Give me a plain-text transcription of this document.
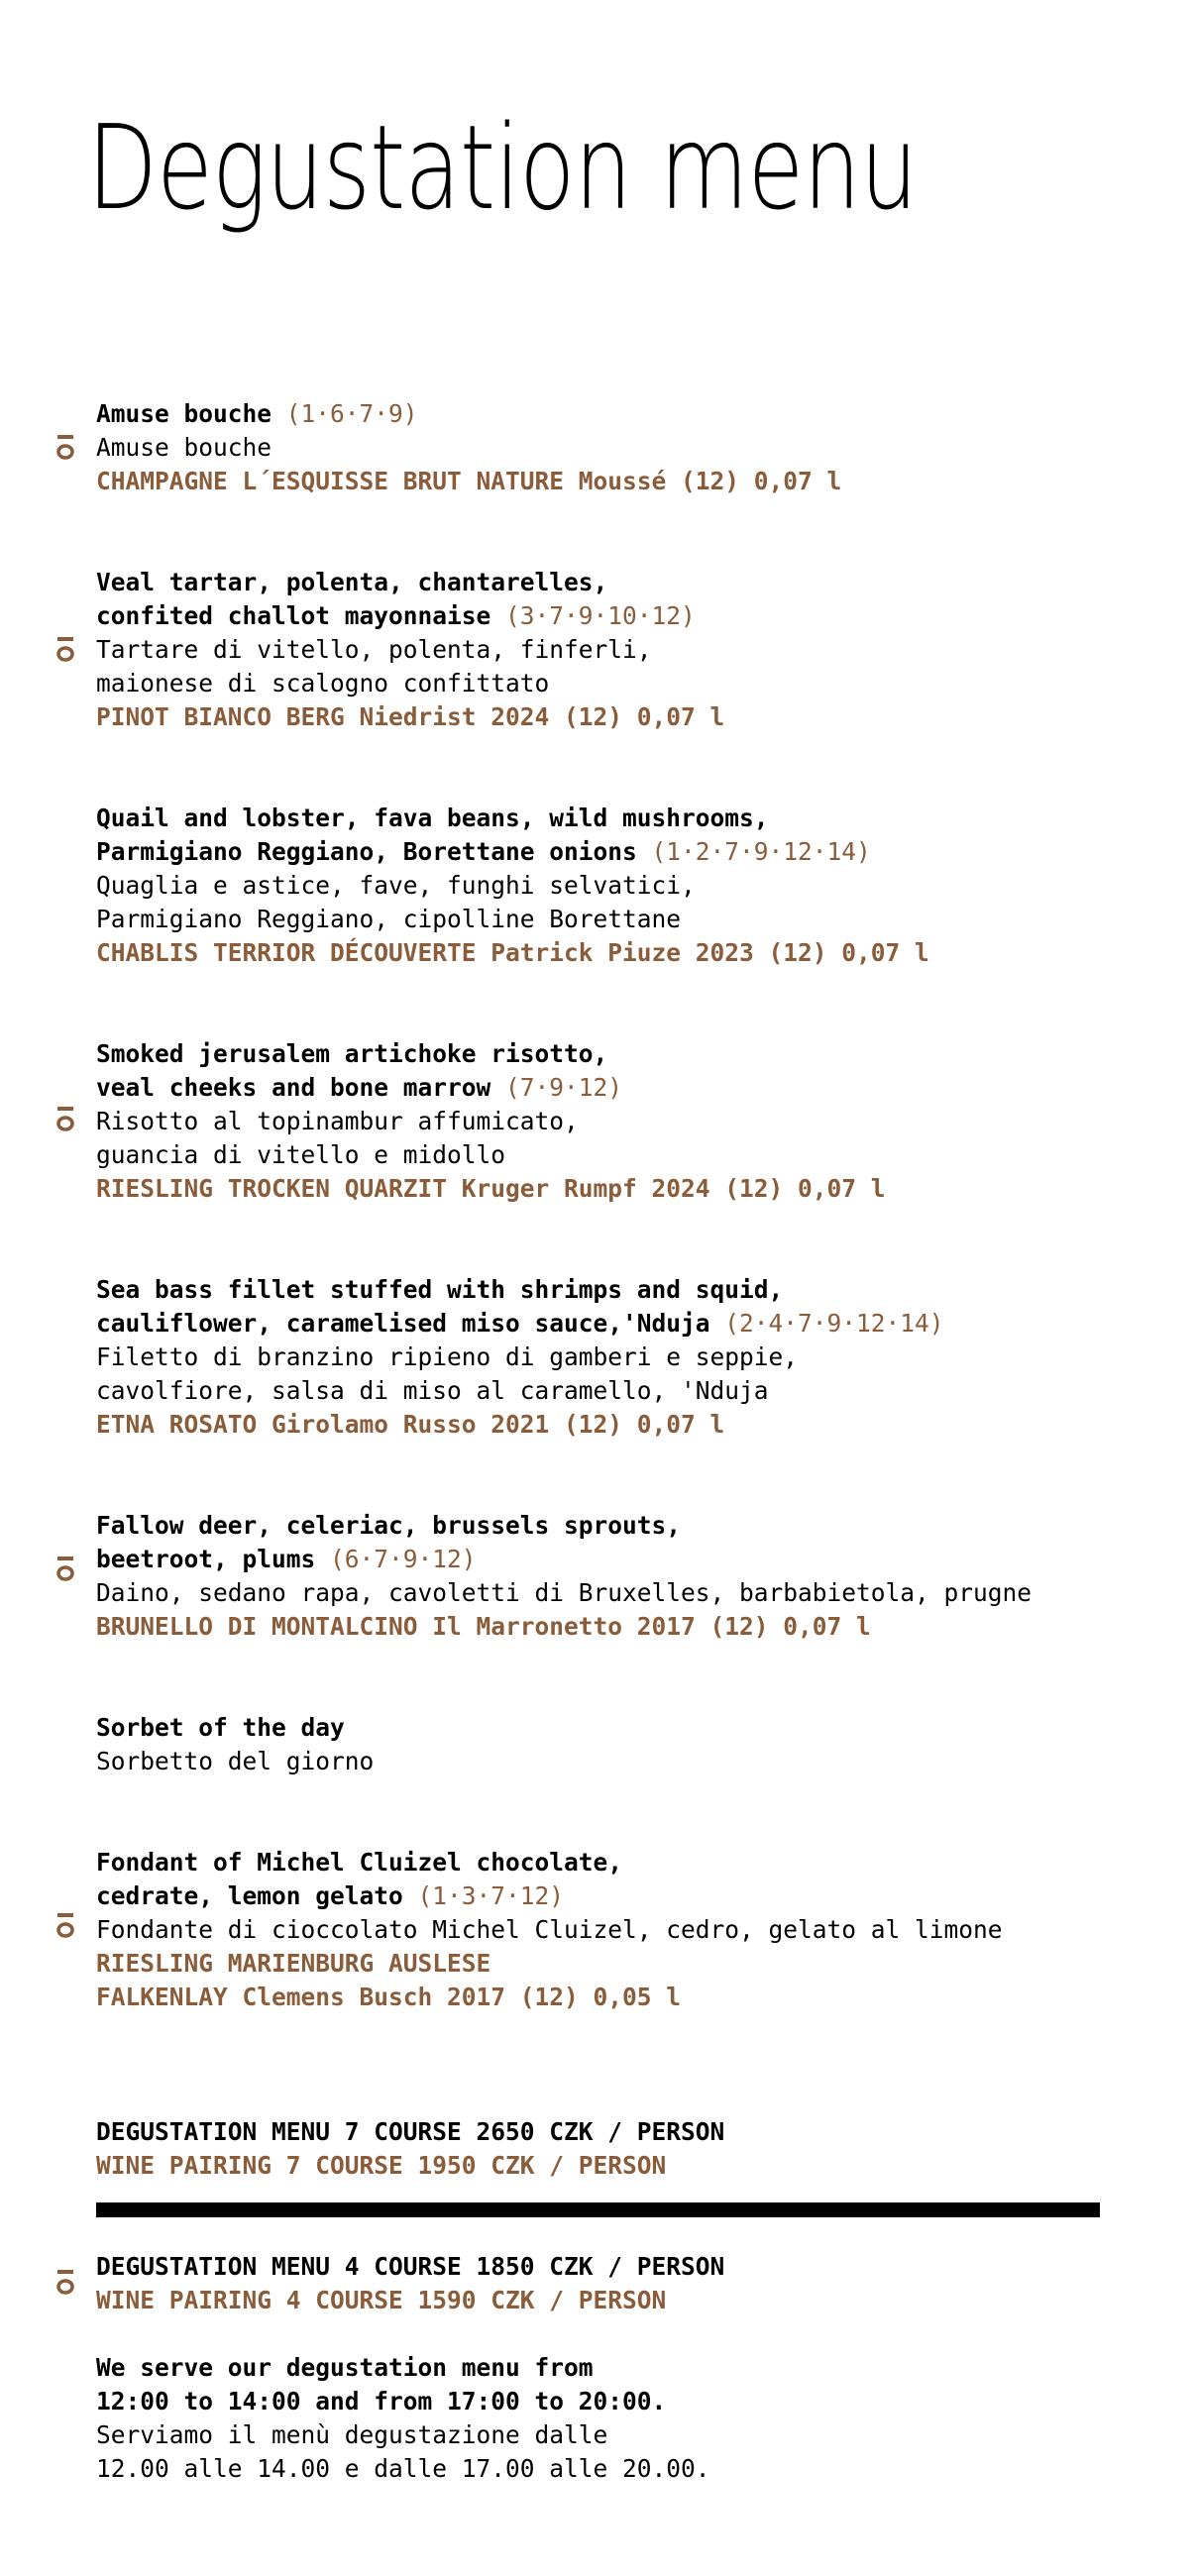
Degustation menu
Amuse bouche (1·6·7·9)
Amuse bouche
CHAMPAGNE L´ESQUISSE BRUT NATURE Moussé (12) 0,07 l
Veal tartar, polenta, chantarelles,
confited challot mayonnaise (3·7·9·10·12)
Tartare di vitello, polenta, finferli,
maionese di scalogno confittato
PINOT BIANCO BERG Niedrist 2024 (12) 0,07 l
Quail and lobster, fava beans, wild mushrooms,
Parmigiano Reggiano, Borettane onions (1·2·7·9·12·14)
Quaglia e astice, fave, funghi selvatici,
Parmigiano Reggiano, cipolline Borettane
CHABLIS TERRIOR DÉCOUVERTE Patrick Piuze 2023 (12) 0,07 l
Smoked jerusalem artichoke risotto,
veal cheeks and bone marrow (7·9·12)
Risotto al topinambur affumicato,
guancia di vitello e midollo
RIESLING TROCKEN QUARZIT Kruger Rumpf 2024 (12) 0,07 l
Sea bass fillet stuffed with shrimps and squid,
cauliflower, caramelised miso sauce,'Nduja (2·4·7·9·12·14)
Filetto di branzino ripieno di gamberi e seppie,
cavolfiore, salsa di miso al caramello, 'Nduja
ETNA ROSATO Girolamo Russo 2021 (12) 0,07 l
Fallow deer, celeriac, brussels sprouts,
beetroot, plums (6·7·9·12)
Daino, sedano rapa, cavoletti di Bruxelles, barbabietola, prugne
BRUNELLO DI MONTALCINO Il Marronetto 2017 (12) 0,07 l
Sorbet of the day
Sorbetto del giorno
Fondant of Michel Cluizel chocolate,
cedrate, lemon gelato (1·3·7·12)
Fondante di cioccolato Michel Cluizel, cedro, gelato al limone
RIESLING MARIENBURG AUSLESE
FALKENLAY Clemens Busch 2017 (12) 0,05 l
DEGUSTATION MENU 7 COURSE 2650 CZK / PERSON
WINE PAIRING 7 COURSE 1950 CZK / PERSON
DEGUSTATION MENU 4 COURSE 1850 CZK / PERSON
WINE PAIRING 4 COURSE 1590 CZK / PERSON
We serve our degustation menu from
12:00 to 14:00 and from 17:00 to 20:00.
Serviamo il menù degustazione dalle
12.00 alle 14.00 e dalle 17.00 alle 20.00.
